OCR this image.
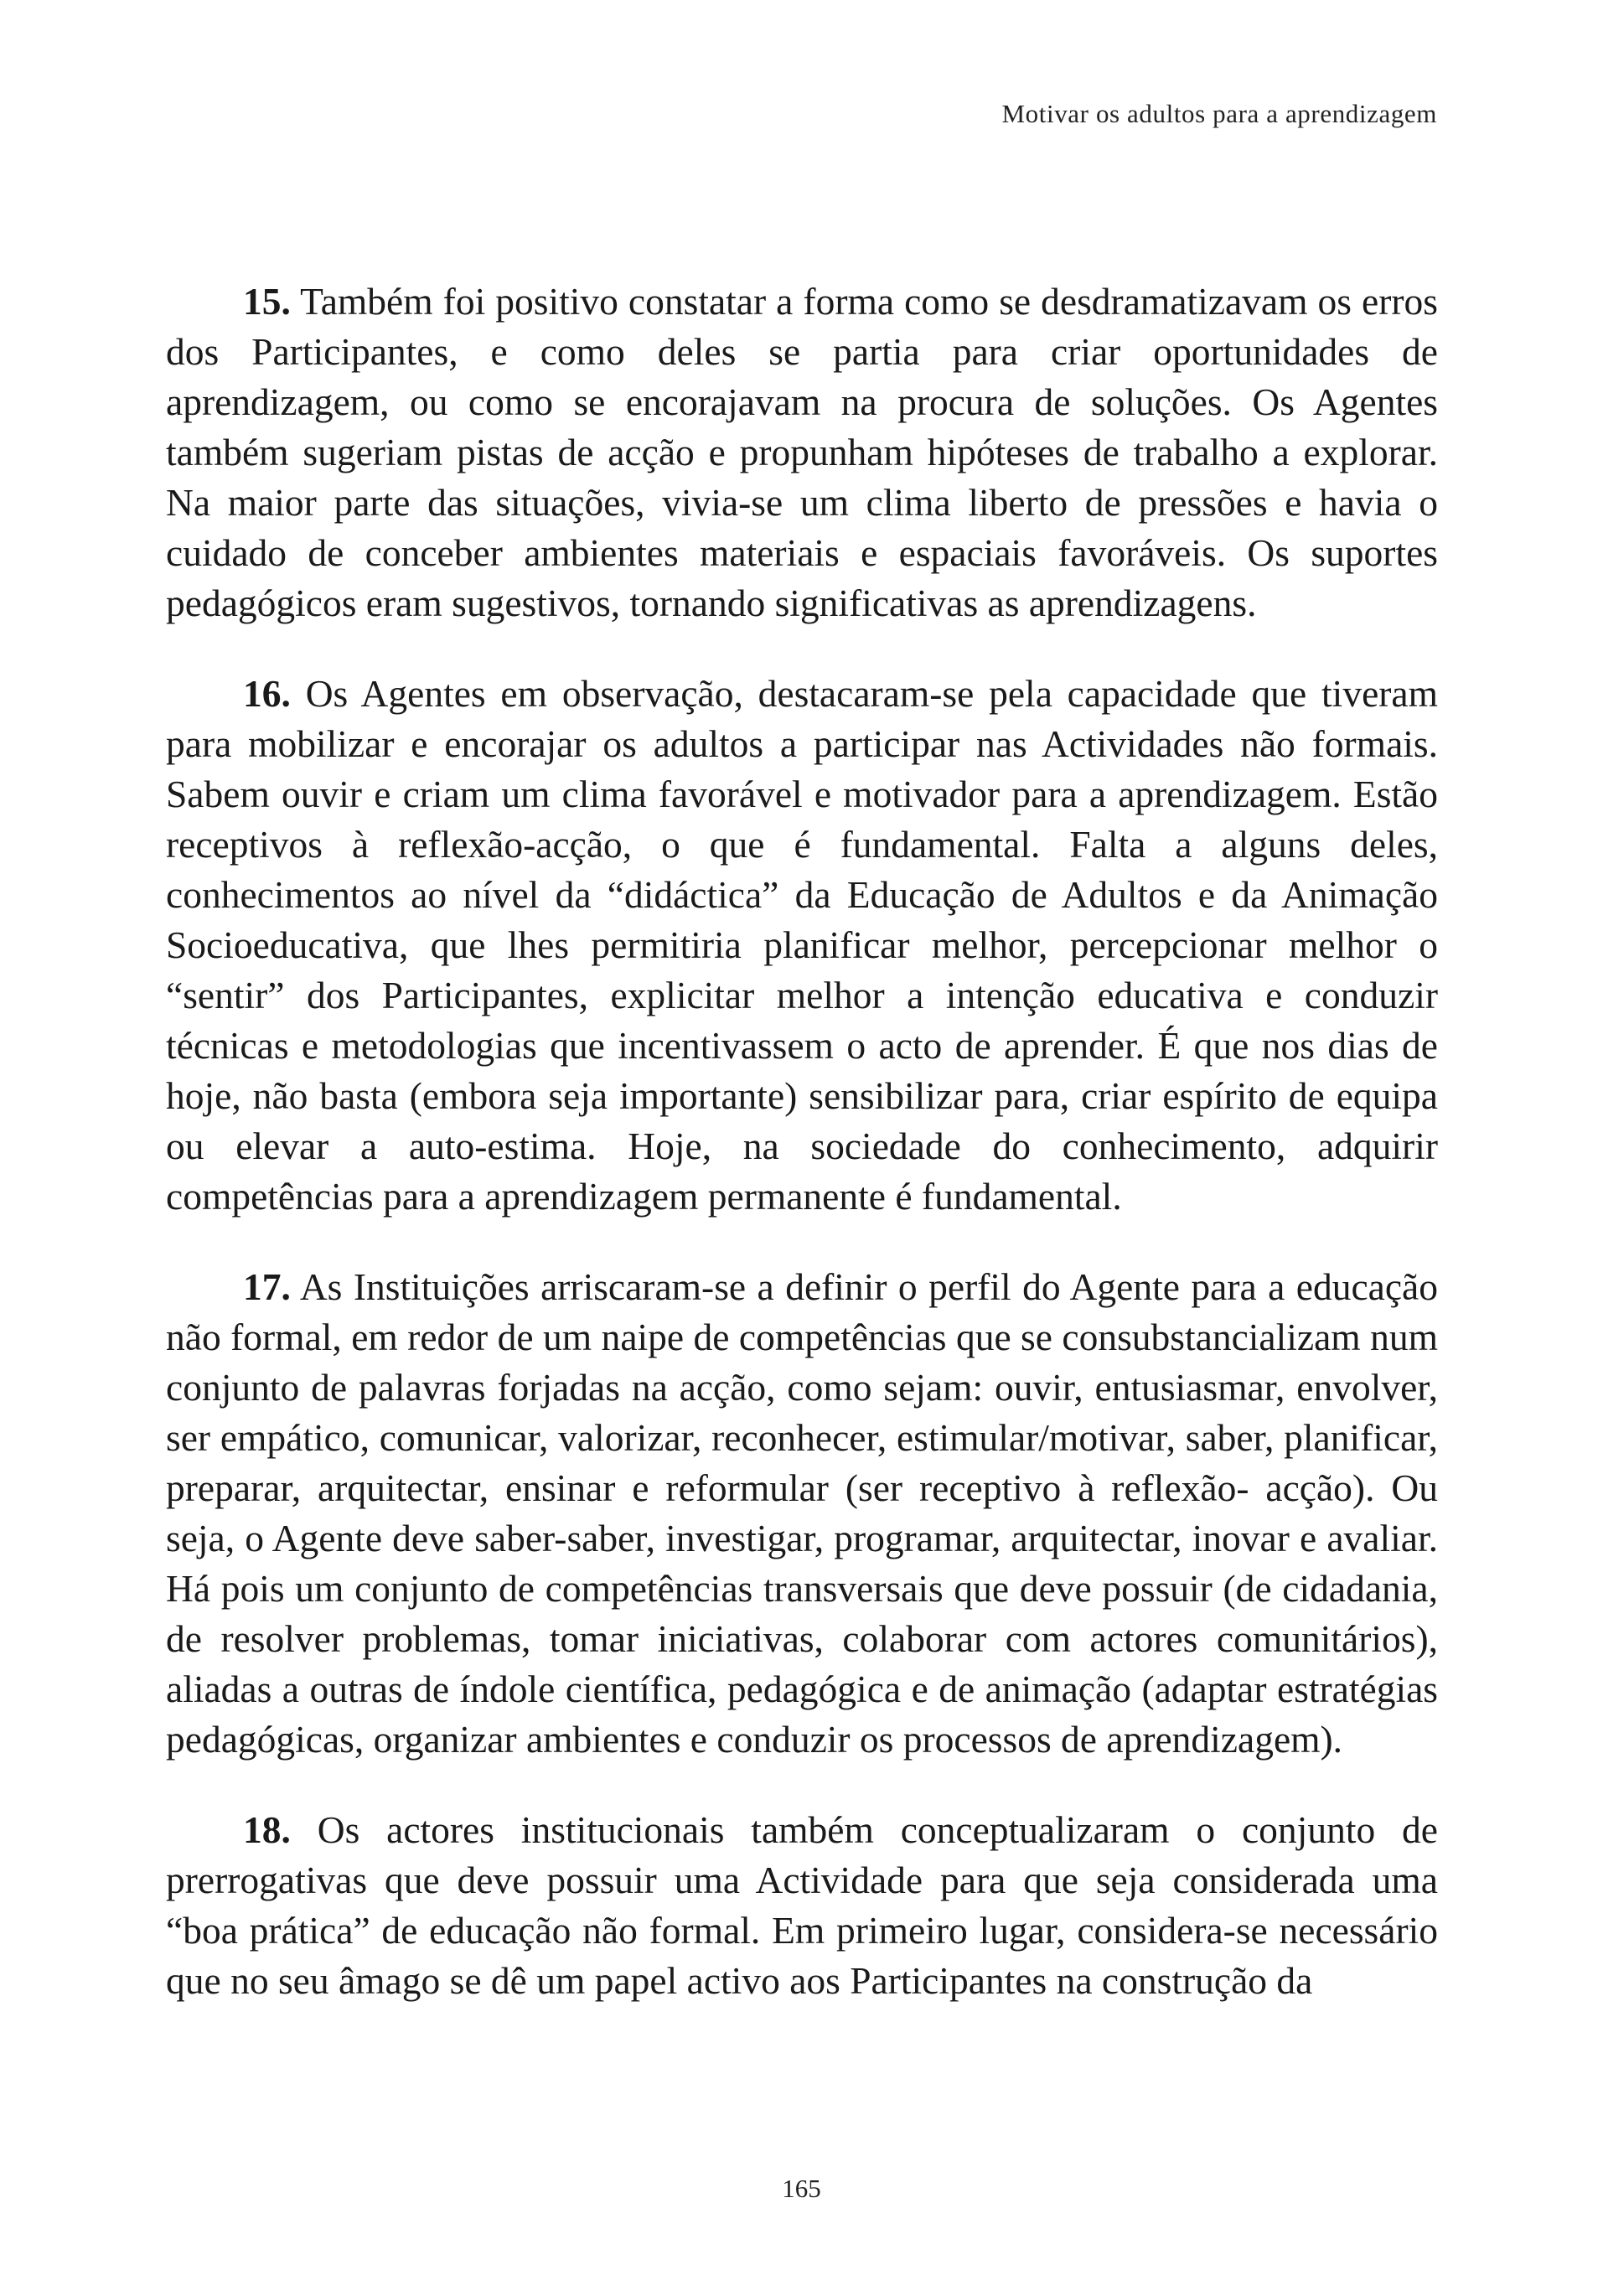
Motivar os adultos para a aprendizagem

15. Também foi positivo constatar a forma como se desdramatizavam os erros dos Participantes, e como deles se partia para criar oportunidades de aprendizagem, ou como se encorajavam na procura de soluções. Os Agentes também sugeriam pistas de acção e propunham hipóteses de trabalho a explorar. Na maior parte das situações, vivia-se um clima liberto de pressões e havia o cuidado de conceber ambientes materiais e espaciais favoráveis. Os suportes pedagógicos eram sugestivos, tornando significativas as aprendizagens.

16. Os Agentes em observação, destacaram-se pela capacidade que tiveram para mobilizar e encorajar os adultos a participar nas Actividades não formais. Sabem ouvir e criam um clima favorável e motivador para a aprendizagem. Estão receptivos à reflexão-acção, o que é fundamental. Falta a alguns deles, conhecimentos ao nível da “didáctica” da Educação de Adultos e da Animação Socioeducativa, que lhes permitiria planificar melhor, percepcionar melhor o “sentir” dos Participantes, explicitar melhor a intenção educativa e conduzir técnicas e metodologias que incentivassem o acto de aprender. É que nos dias de hoje, não basta (embora seja importante) sensibilizar para, criar espírito de equipa ou elevar a auto-estima. Hoje, na sociedade do conhecimento, adquirir competências para a aprendizagem permanente é fundamental.

17. As Instituições arriscaram-se a definir o perfil do Agente para a educação não formal, em redor de um naipe de competências que se consubstancializam num conjunto de palavras forjadas na acção, como sejam: ouvir, entusiasmar, envolver, ser empático, comunicar, valorizar, reconhecer, estimular/motivar, saber, planificar, preparar, arquitectar, ensinar e reformular (ser receptivo à reflexão- acção). Ou seja, o Agente deve saber-saber, investigar, programar, arquitectar, inovar e avaliar. Há pois um conjunto de competências transversais que deve possuir (de cidadania, de resolver problemas, tomar iniciativas, colaborar com actores comunitários), aliadas a outras de índole científica, pedagógica e de animação (adaptar estratégias pedagógicas, organizar ambientes e conduzir os processos de aprendizagem).

18. Os actores institucionais também conceptualizaram o conjunto de prerrogativas que deve possuir uma Actividade para que seja considerada uma “boa prática” de educação não formal. Em primeiro lugar, considera-se necessário que no seu âmago se dê um papel activo aos Participantes na construção da

165
